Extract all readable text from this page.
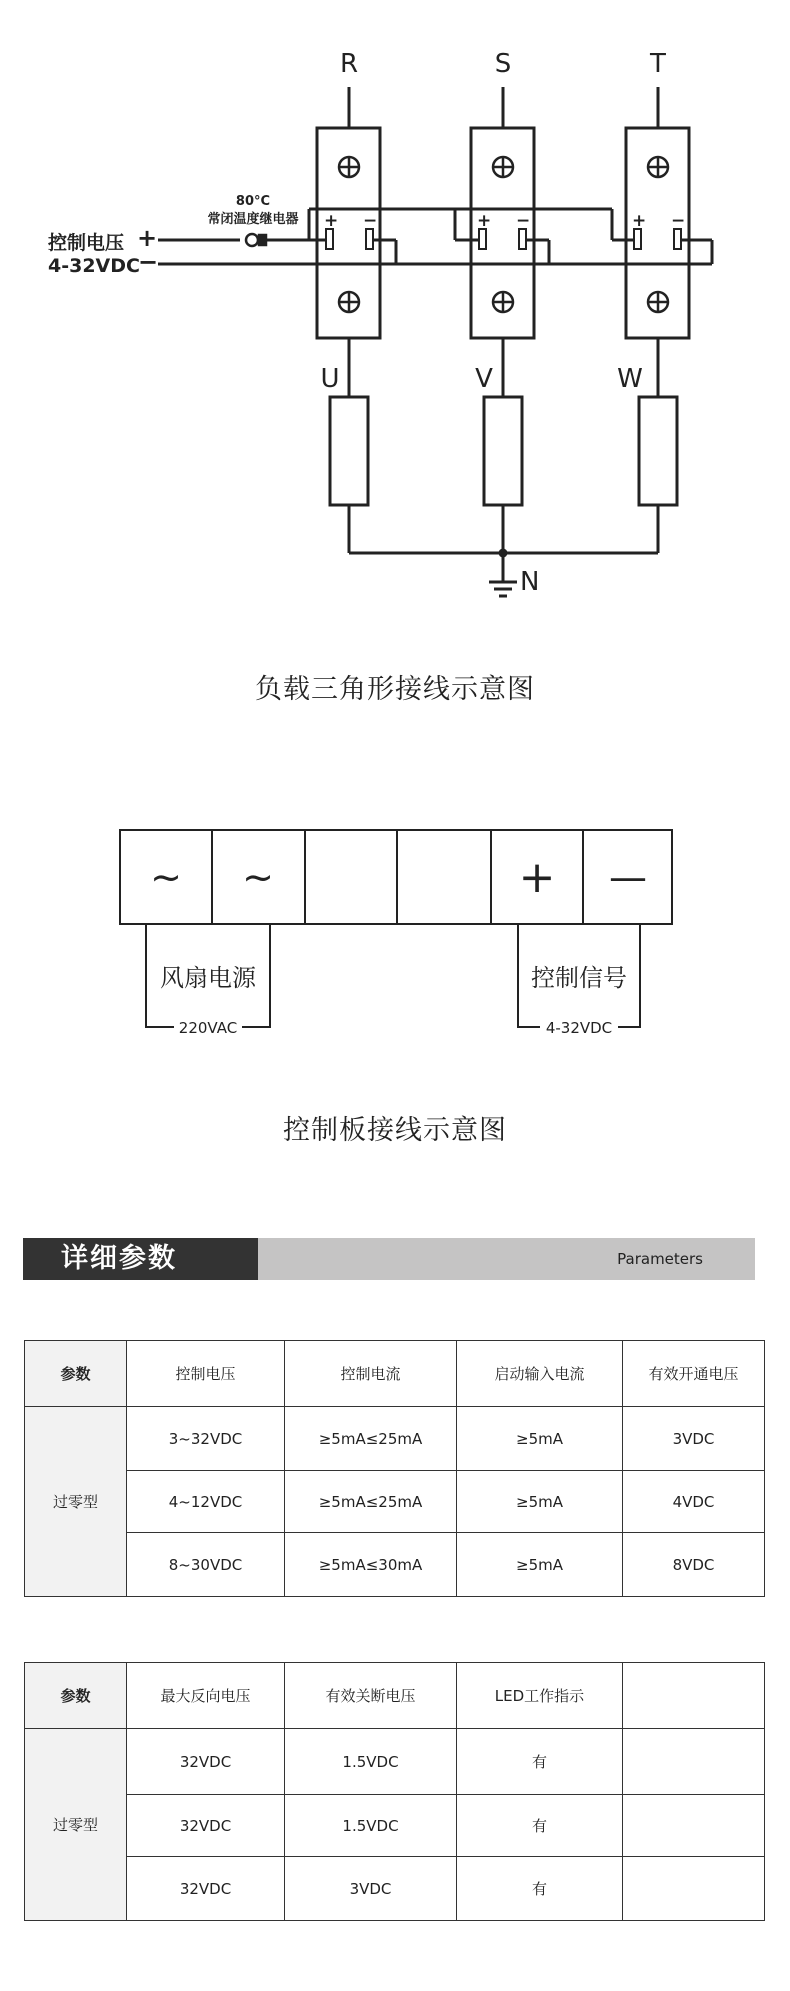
+ −	+ −	+ −
80°C
常闭温度继电器
控制电压
4-32VDC
+
−
R	S	T
U	V	W
N
负载三角形接线示意图
~ ~	+ —
风扇电源
220VAC
控制信号
4-32VDC
控制板接线示意图
详细参数	Parameters
参数	控制电压	控制电流	启动输入电流	有效开通电压
过零型	3~32VDC	≥5mA≤25mA	≥5mA	3VDC
	4~12VDC	≥5mA≤25mA	≥5mA	4VDC
	8~30VDC	≥5mA≤30mA	≥5mA	8VDC
参数	最大反向电压	有效关断电压	LED工作指示	
过零型	32VDC	1.5VDC	有	
	32VDC	1.5VDC	有	
	32VDC	3VDC	有	
